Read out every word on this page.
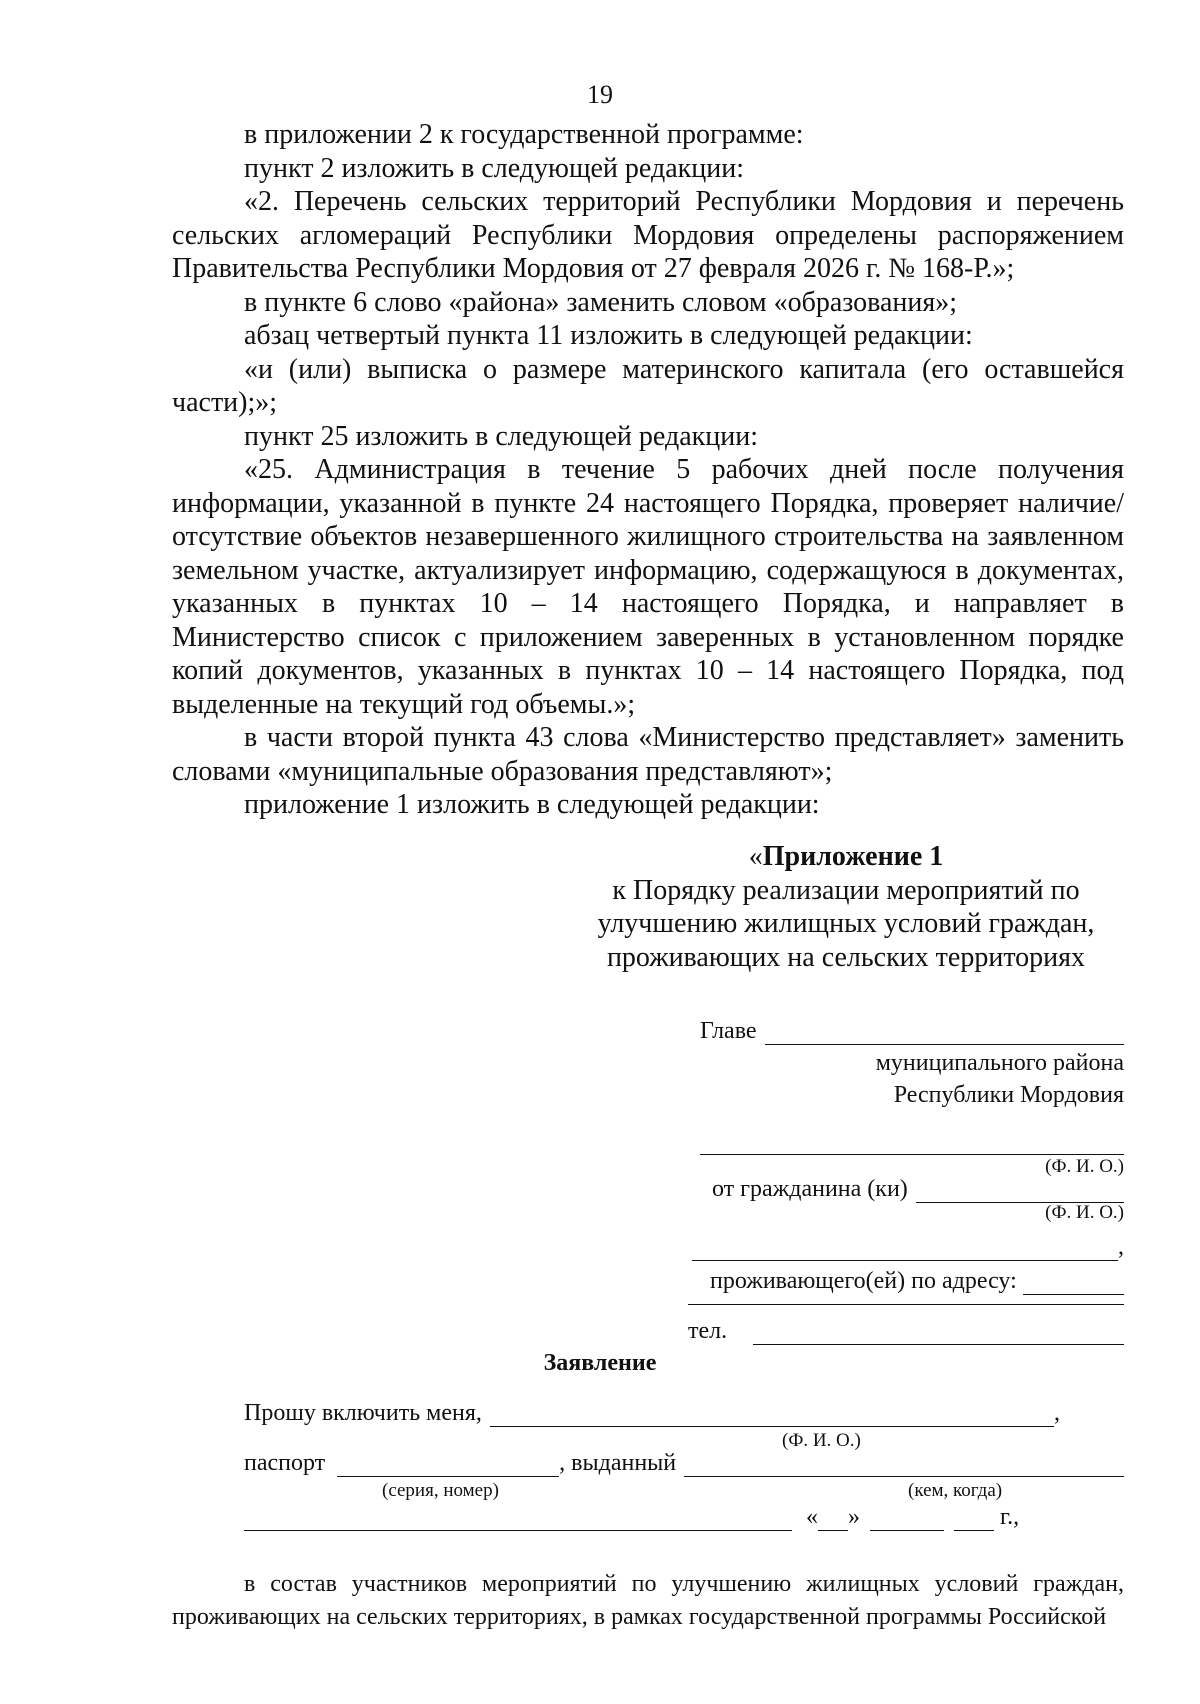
19

в приложении 2 к государственной программе:

пункт 2 изложить в следующей редакции:

«2. Перечень сельских территорий Республики Мордовия и перечень сельских агломераций Республики Мордовия определены распоряжением Правительства Республики Мордовия от 27 февраля 2026 г. № 168-Р.»;

в пункте 6 слово «района» заменить словом «образования»;

абзац четвертый пункта 11 изложить в следующей редакции:

«и (или) выписка о размере материнского капитала (его оставшейся части);»;

пункт 25 изложить в следующей редакции:

«25. Администрация в течение 5 рабочих дней после получения информации, указанной в пункте 24 настоящего Порядка, проверяет наличие/отсутствие объектов незавершенного жилищного строительства на заявленном земельном участке, актуализирует информацию, содержащуюся в документах, указанных в пунктах 10 – 14 настоящего Порядка, и направляет в Министерство список с приложением заверенных в установленном порядке копий документов, указанных в пунктах 10 – 14 настоящего Порядка, под выделенные на текущий год объемы.»;

в части второй пункта 43 слова «Министерство представляет» заменить словами «муниципальные образования представляют»;

приложение 1 изложить в следующей редакции:

«Приложение 1
к Порядку реализации мероприятий по
улучшению жилищных условий граждан,
проживающих на сельских территориях
Главе
муниципального района
Республики Мордовия
(Ф. И. О.)
от гражданина (ки)
(Ф. И. О.)
,
проживающего(ей) по адресу:
тел.
Заявление
Прошу включить меня,	,
(Ф. И. О.)
паспорт	, выданный
(серия, номер)	(кем, когда)
« »	г.,

в состав участников мероприятий по улучшению жилищных условий граждан, проживающих на сельских территориях, в рамках государственной программы Российской
